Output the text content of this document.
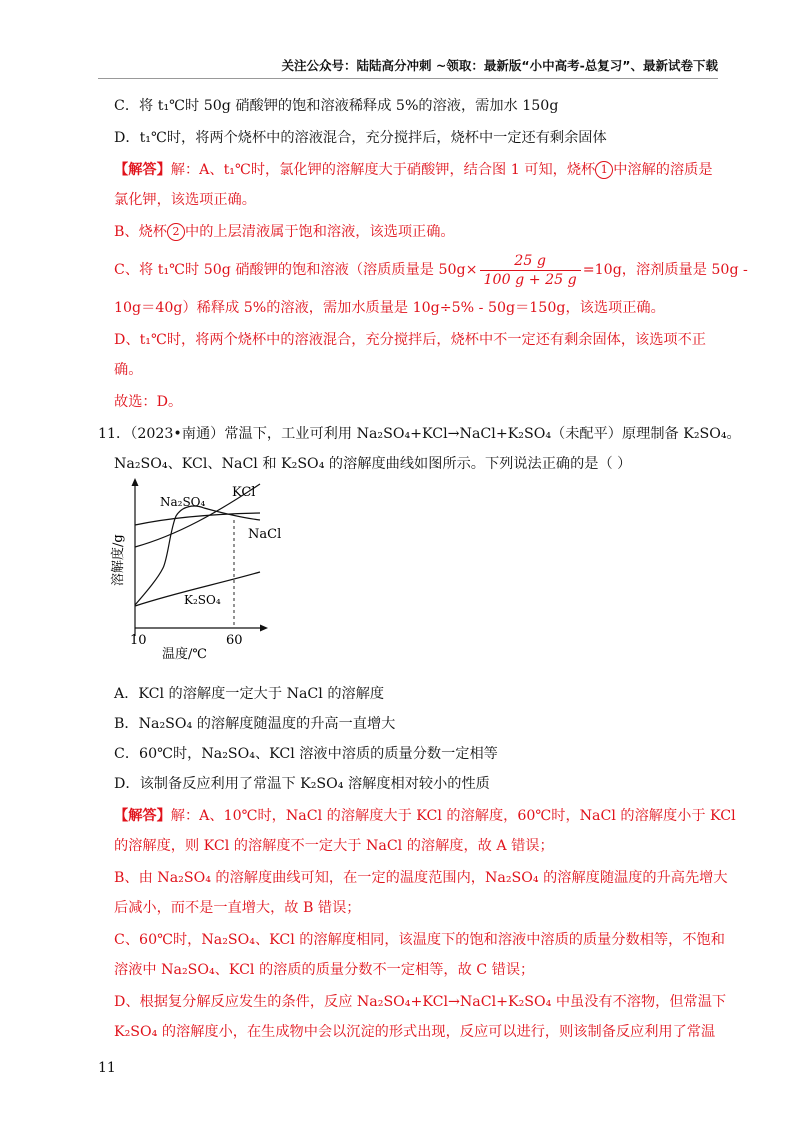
关注公众号：陆陆高分冲刺 ~领取：最新版“小中高考-总复习”、最新试卷下载
C．将 t₁℃时 50g 硝酸钾的饱和溶液稀释成 5%的溶液，需加水 150g
D．t₁℃时，将两个烧杯中的溶液混合，充分搅拌后，烧杯中一定还有剩余固体
【解答】解：A、t₁℃时，氯化钾的溶解度大于硝酸钾，结合图 1 可知，烧杯 1 中溶解的溶质是
氯化钾，该选项正确。
B、烧杯 2 中的上层清液属于饱和溶液，该选项正确。
C、将 t₁℃时 50g 硝酸钾的饱和溶液（溶质质量是 $50g\times \frac{25 g}{100 g + 25 g} =10g$，溶剂质量是 50g -
10g＝40g）稀释成 5%的溶液，需加水质量是 10g÷5% - 50g＝150g，该选项正确。
D、t₁℃时，将两个烧杯中的溶液混合，充分搅拌后，烧杯中不一定还有剩余固体，该选项不正
确。
故选：D。
11．（2023•南通）常温下，工业可利用 Na₂SO₄+KCl→NaCl+K₂SO₄（未配平）原理制备 K₂SO₄。
Na₂SO₄、KCl、NaCl 和 K₂SO₄ 的溶解度曲线如图所示。下列说法正确的是（ ）
Na₂SO₄
KCl
NaCl
K₂SO₄
溶解度/g
10	60
温度/℃
A．KCl 的溶解度一定大于 NaCl 的溶解度
B．Na₂SO₄ 的溶解度随温度的升高一直增大
C．60℃时，Na₂SO₄、KCl 溶液中溶质的质量分数一定相等
D．该制备反应利用了常温下 K₂SO₄ 溶解度相对较小的性质
【解答】解：A、10℃时，NaCl 的溶解度大于 KCl 的溶解度，60℃时，NaCl 的溶解度小于 KCl
的溶解度，则 KCl 的溶解度不一定大于 NaCl 的溶解度，故 A 错误；
B、由 Na₂SO₄ 的溶解度曲线可知，在一定的温度范围内，Na₂SO₄ 的溶解度随温度的升高先增大
后减小，而不是一直增大，故 B 错误；
C、60℃时，Na₂SO₄、KCl 的溶解度相同，该温度下的饱和溶液中溶质的质量分数相等，不饱和
溶液中 Na₂SO₄、KCl 的溶质的质量分数不一定相等，故 C 错误；
D、根据复分解反应发生的条件，反应 Na₂SO₄+KCl→NaCl+K₂SO₄ 中虽没有不溶物，但常温下
K₂SO₄ 的溶解度小，在生成物中会以沉淀的形式出现，反应可以进行，则该制备反应利用了常温
11
